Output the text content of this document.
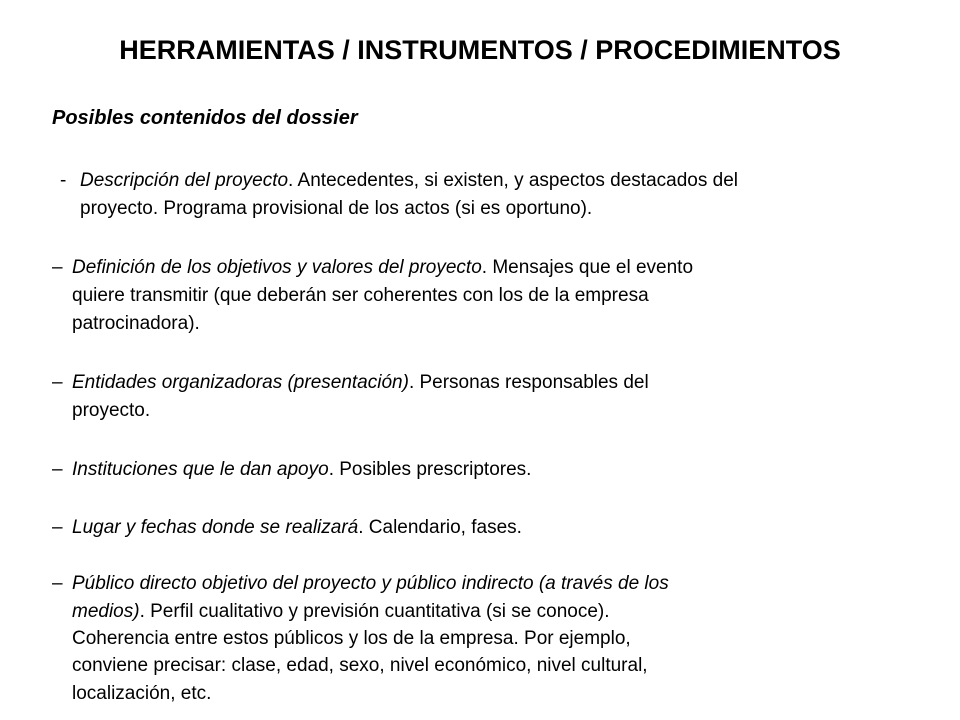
HERRAMIENTAS / INSTRUMENTOS / PROCEDIMIENTOS
Posibles contenidos del dossier
- Descripción del proyecto. Antecedentes, si existen, y aspectos destacados del
proyecto. Programa provisional de los actos (si es oportuno).
– Definición de los objetivos y valores del proyecto. Mensajes que el evento
quiere transmitir (que deberán ser coherentes con los de la empresa
patrocinadora).
– Entidades organizadoras (presentación). Personas responsables del
proyecto.
– Instituciones que le dan apoyo. Posibles prescriptores.
– Lugar y fechas donde se realizará. Calendario, fases.
– Público directo objetivo del proyecto y público indirecto (a través de los
medios). Perfil cualitativo y previsión cuantitativa (si se conoce).
Coherencia entre estos públicos y los de la empresa. Por ejemplo,
conviene precisar: clase, edad, sexo, nivel económico, nivel cultural,
localización, etc.
